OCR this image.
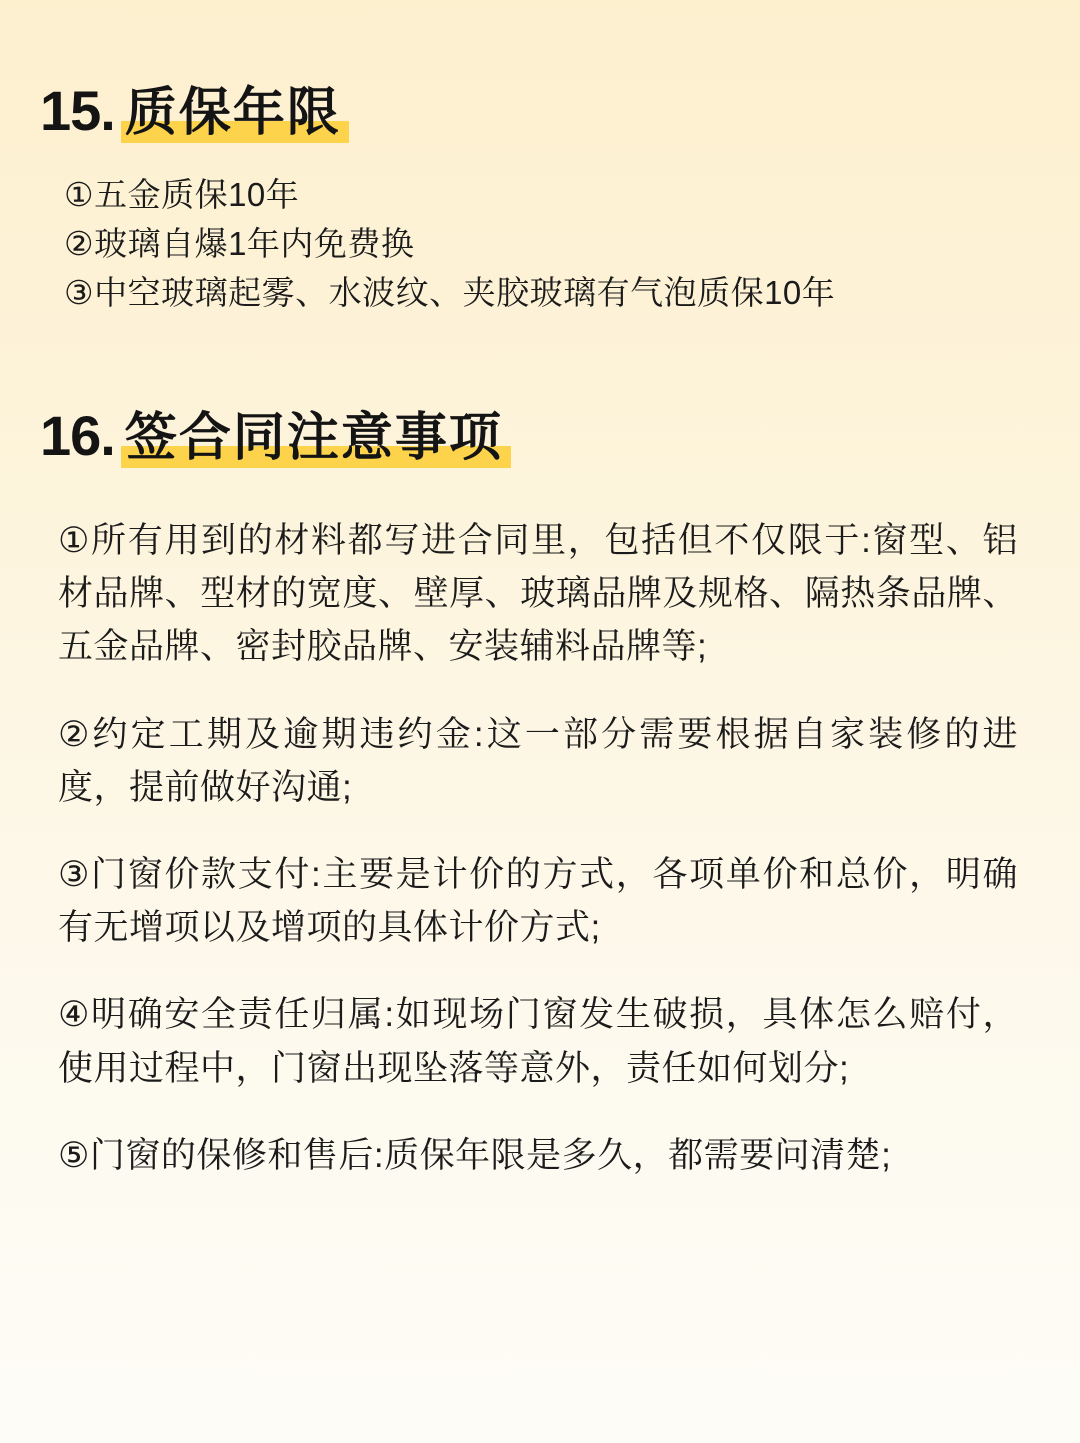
15. 质保年限
①五金质保10年
②玻璃自爆1年内免费换
③中空玻璃起雾、水波纹、夹胶玻璃有气泡质保10年
16. 签合同注意事项
①所有用到的材料都写进合同里，包括但不仅限于:窗型、铝材品牌、型材的宽度、壁厚、玻璃品牌及规格、隔热条品牌、五金品牌、密封胶品牌、安装辅料品牌等;
②约定工期及逾期违约金:这一部分需要根据自家装修的进度，提前做好沟通;
③门窗价款支付:主要是计价的方式，各项单价和总价，明确有无增项以及增项的具体计价方式;
④明确安全责任归属:如现场门窗发生破损，具体怎么赔付，使用过程中，门窗出现坠落等意外，责任如何划分;
⑤门窗的保修和售后:质保年限是多久，都需要问清楚;
